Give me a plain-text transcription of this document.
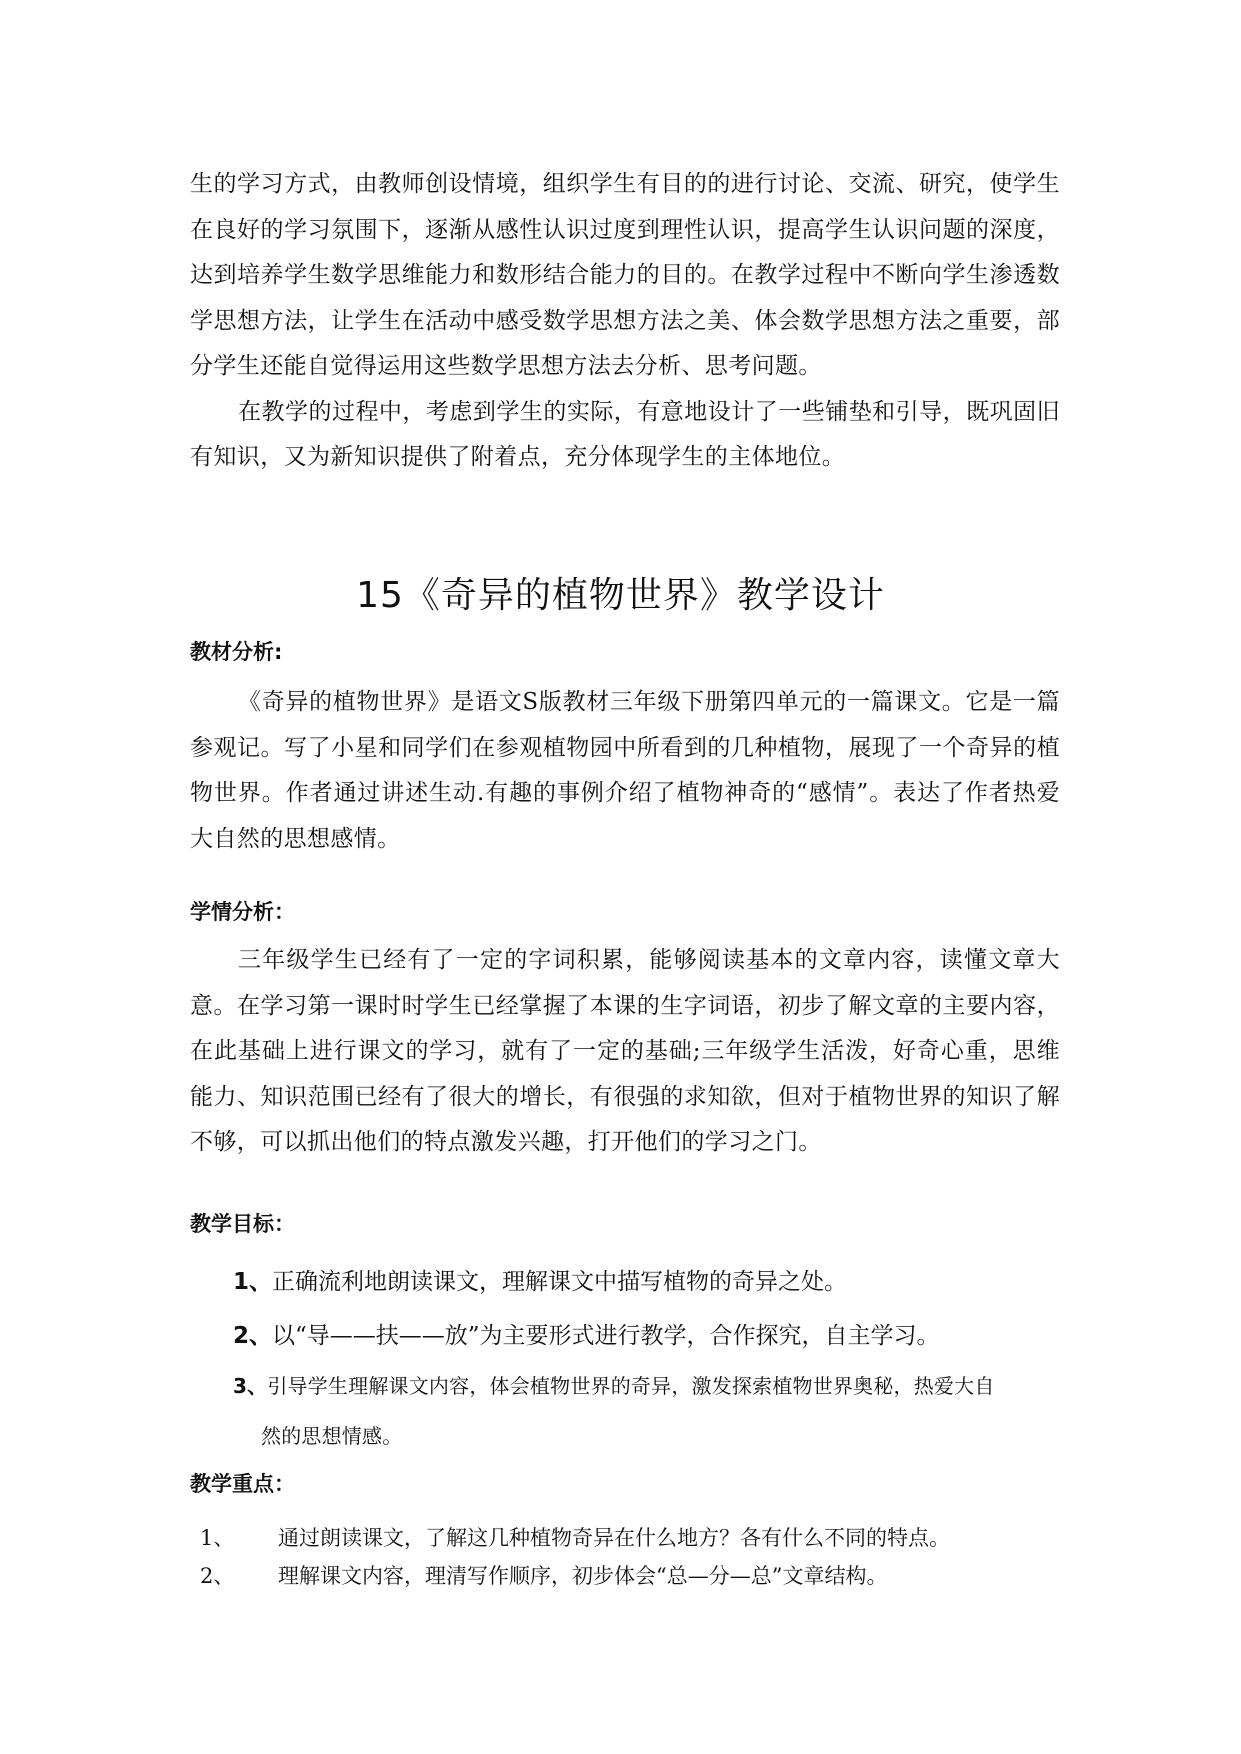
生的学习方式，由教师创设情境，组织学生有目的的进行讨论、交流、研究，使学生在良好的学习氛围下，逐渐从感性认识过度到理性认识，提高学生认识问题的深度，达到培养学生数学思维能力和数形结合能力的目的。在教学过程中不断向学生渗透数学思想方法，让学生在活动中感受数学思想方法之美、体会数学思想方法之重要，部分学生还能自觉得运用这些数学思想方法去分析、思考问题。

在教学的过程中，考虑到学生的实际，有意地设计了一些铺垫和引导，既巩固旧有知识，又为新知识提供了附着点，充分体现学生的主体地位。

15《奇异的植物世界》教学设计
教材分析:

《奇异的植物世界》是语文S版教材三年级下册第四单元的一篇课文。它是一篇参观记。写了小星和同学们在参观植物园中所看到的几种植物，展现了一个奇异的植物世界。作者通过讲述生动.有趣的事例介绍了植物神奇的“感情”。表达了作者热爱大自然的思想感情。

学情分析：

三年级学生已经有了一定的字词积累，能够阅读基本的文章内容，读懂文章大意。在学习第一课时时学生已经掌握了本课的生字词语，初步了解文章的主要内容，在此基础上进行课文的学习，就有了一定的基础;三年级学生活泼，好奇心重，思维能力、知识范围已经有了很大的增长，有很强的求知欲，但对于植物世界的知识了解不够，可以抓出他们的特点激发兴趣，打开他们的学习之门。

教学目标：

1、正确流利地朗读课文，理解课文中描写植物的奇异之处。

2、以“导——扶——放”为主要形式进行教学，合作探究，自主学习。

3、引导学生理解课文内容，体会植物世界的奇异，激发探索植物世界奥秘，热爱大自
然的思想情感。

教学重点：

1、 通过朗读课文，了解这几种植物奇异在什么地方？各有什么不同的特点。

2、 理解课文内容，理清写作顺序，初步体会“总—分—总”文章结构。
